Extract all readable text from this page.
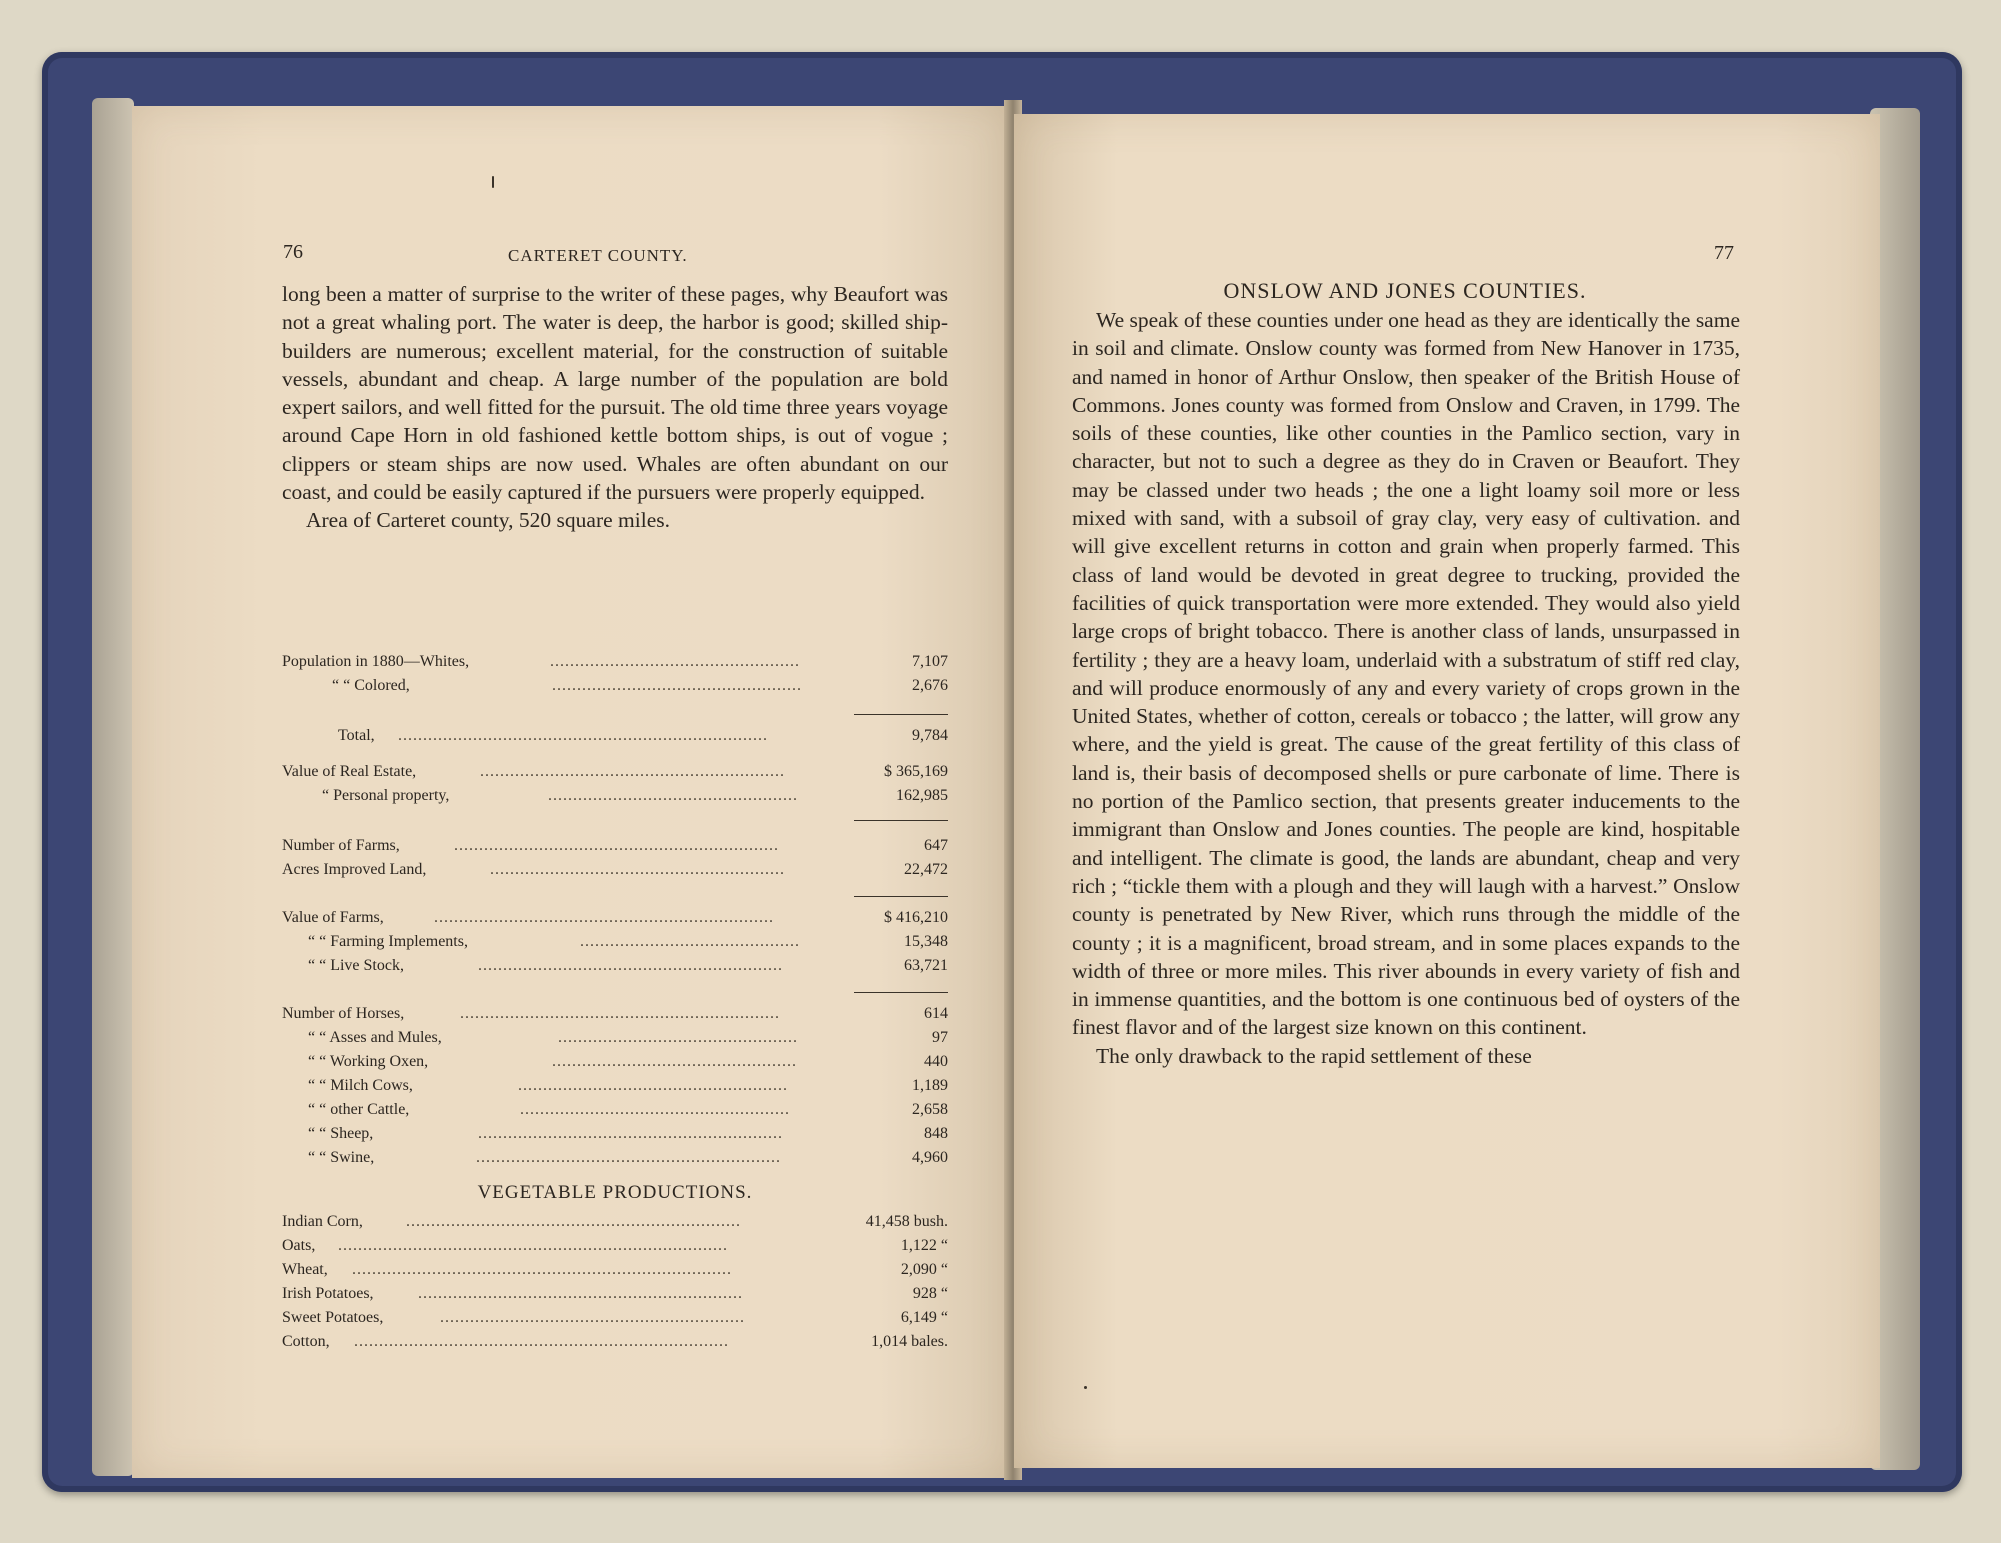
76	CARTERET COUNTY.

long been a matter of surprise to the writer of these pages, why Beaufort was not a great whaling port. The water is deep, the harbor is good; skilled ship-builders are numerous; excellent material, for the construction of suitable vessels, abundant and cheap. A large number of the population are bold expert sailors, and well fitted for the pursuit. The old time three years voyage around Cape Horn in old fashioned kettle bottom ships, is out of vogue ; clippers or steam ships are now used. Whales are often abundant on our coast, and could be easily captured if the pursuers were properly equipped.

Area of Carteret county, 520 square miles.

Population in 1880—Whites,	..................................................	7,107
“ “ Colored,	..................................................	2,676
Total, ..........................................................................	9,784
Value of Real Estate,	.............................................................	$ 365,169
“ Personal property,	..................................................	162,985
Number of Farms,	.................................................................	647
Acres Improved Land,	...........................................................	22,472
Value of Farms,	....................................................................	$ 416,210
“ “ Farming Implements,	............................................	15,348
“ “ Live Stock,	.............................................................	63,721
Number of Horses,	................................................................	614
“ “ Asses and Mules,	................................................	97
“ “ Working Oxen,	.................................................	440
“ “ Milch Cows,	......................................................	1,189
“ “ other Cattle,	......................................................	2,658
“ “ Sheep,	.............................................................	848
“ “ Swine,	.............................................................	4,960
VEGETABLE PRODUCTIONS.
Indian Corn,	...................................................................	41,458 bush.
Oats, ..............................................................................	1,122 “
Wheat, ............................................................................	2,090 “
Irish Potatoes,	.................................................................	928 “
Sweet Potatoes,	.............................................................	6,149 “
Cotton, ...........................................................................	1,014 bales.
77
ONSLOW AND JONES COUNTIES.

We speak of these counties under one head as they are identically the same in soil and climate. Onslow county was formed from New Hanover in 1735, and named in honor of Arthur Onslow, then speaker of the British House of Commons. Jones county was formed from Onslow and Craven, in 1799. The soils of these counties, like other counties in the Pamlico section, vary in character, but not to such a degree as they do in Craven or Beaufort. They may be classed under two heads ; the one a light loamy soil more or less mixed with sand, with a subsoil of gray clay, very easy of cultivation. and will give excellent returns in cotton and grain when properly farmed. This class of land would be devoted in great degree to trucking, provided the facilities of quick transportation were more extended. They would also yield large crops of bright tobacco. There is another class of lands, unsurpassed in fertility ; they are a heavy loam, underlaid with a substratum of stiff red clay, and will produce enormously of any and every variety of crops grown in the United States, whether of cotton, cereals or tobacco ; the latter, will grow any where, and the yield is great. The cause of the great fertility of this class of land is, their basis of decomposed shells or pure carbonate of lime. There is no portion of the Pamlico section, that presents greater inducements to the immigrant than Onslow and Jones counties. The people are kind, hospitable and intelligent. The climate is good, the lands are abundant, cheap and very rich ; “tickle them with a plough and they will laugh with a harvest.” Onslow county is penetrated by New River, which runs through the middle of the county ; it is a magnificent, broad stream, and in some places expands to the width of three or more miles. This river abounds in every variety of fish and in immense quantities, and the bottom is one continuous bed of oysters of the finest flavor and of the largest size known on this continent.

The only drawback to the rapid settlement of these
